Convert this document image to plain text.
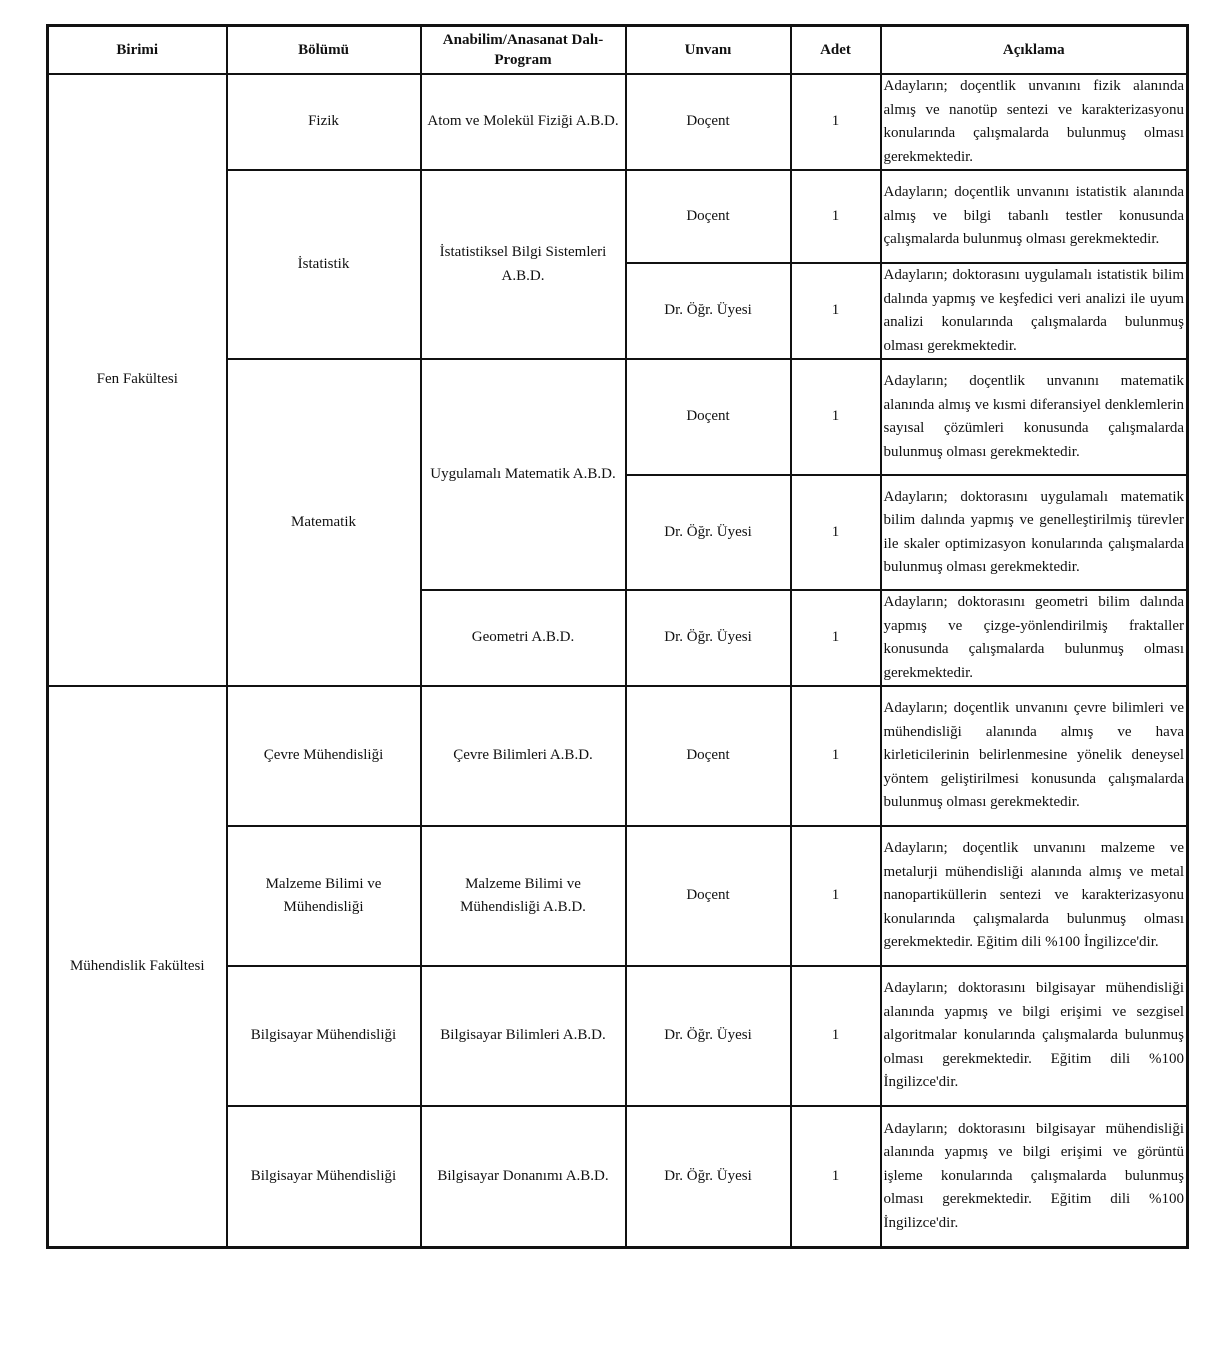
Birimi	Bölümü	Anabilim/Anasanat Dalı-Program	Unvanı	Adet	Açıklama
Fen Fakültesi	Fizik	Atom ve Molekül Fiziği A.B.D.	Doçent	1	Adayların; doçentlik unvanını fizik alanında almış ve nanotüp sentezi ve karakterizasyonu konularında çalışmalarda bulunmuş olması gerekmektedir.
	İstatistik	İstatistiksel Bilgi Sistemleri A.B.D.	Doçent	1	Adayların; doçentlik unvanını istatistik alanında almış ve bilgi tabanlı testler konusunda çalışmalarda bulunmuş olması gerekmektedir.
			Dr. Öğr. Üyesi	1	Adayların; doktorasını uygulamalı istatistik bilim dalında yapmış ve keşfedici veri analizi ile uyum analizi konularında çalışmalarda bulunmuş olması gerekmektedir.
	Matematik	Uygulamalı Matematik A.B.D.	Doçent	1	Adayların; doçentlik unvanını matematik alanında almış ve kısmi diferansiyel denklemlerin sayısal çözümleri konusunda çalışmalarda bulunmuş olması gerekmektedir.
			Dr. Öğr. Üyesi	1	Adayların; doktorasını uygulamalı matematik bilim dalında yapmış ve genelleştirilmiş türevler ile skaler optimizasyon konularında çalışmalarda bulunmuş olması gerekmektedir.
		Geometri A.B.D.	Dr. Öğr. Üyesi	1	Adayların; doktorasını geometri bilim dalında yapmış ve çizge-yönlendirilmiş fraktaller konusunda çalışmalarda bulunmuş olması gerekmektedir.
Mühendislik Fakültesi	Çevre Mühendisliği	Çevre Bilimleri A.B.D.	Doçent	1	Adayların; doçentlik unvanını çevre bilimleri ve mühendisliği alanında almış ve hava kirleticilerinin belirlenmesine yönelik deneysel yöntem geliştirilmesi konusunda çalışmalarda bulunmuş olması gerekmektedir.
	Malzeme Bilimi ve Mühendisliği	Malzeme Bilimi ve Mühendisliği A.B.D.	Doçent	1	Adayların; doçentlik unvanını malzeme ve metalurji mühendisliği alanında almış ve metal nanopartiküllerin sentezi ve karakterizasyonu konularında çalışmalarda bulunmuş olması gerekmektedir. Eğitim dili %100 İngilizce'dir.
	Bilgisayar Mühendisliği	Bilgisayar Bilimleri A.B.D.	Dr. Öğr. Üyesi	1	Adayların; doktorasını bilgisayar mühendisliği alanında yapmış ve bilgi erişimi ve sezgisel algoritmalar konularında çalışmalarda bulunmuş olması gerekmektedir. Eğitim dili %100 İngilizce'dir.
	Bilgisayar Mühendisliği	Bilgisayar Donanımı A.B.D.	Dr. Öğr. Üyesi	1	Adayların; doktorasını bilgisayar mühendisliği alanında yapmış ve bilgi erişimi ve görüntü işleme konularında çalışmalarda bulunmuş olması gerekmektedir. Eğitim dili %100 İngilizce'dir.
